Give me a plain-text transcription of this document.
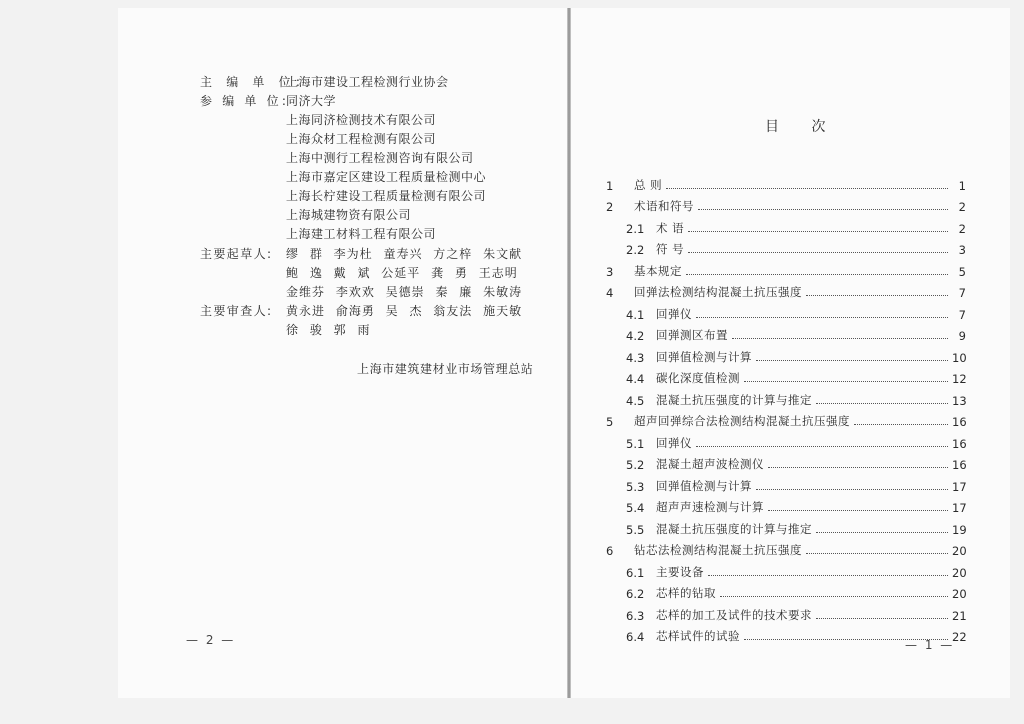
主 编 单 位:
上海市建设工程检测行业协会
参 编 单 位:
同济大学
上海同济检测技术有限公司
上海众材工程检测有限公司
上海中测行工程检测咨询有限公司
上海市嘉定区建设工程质量检测中心
上海长柠建设工程质量检测有限公司
上海城建物资有限公司
上海建工材料工程有限公司
主要起草人: 缪 群 李为杜 童寿兴 方之梓 朱文献
鲍 逸 戴 斌 公延平 龚 勇 王志明
金维芬 李欢欢 吴德崇 秦 廉 朱敏涛
主要审查人: 黄永进 俞海勇 吴 杰 翁友法 施天敏
徐 骏 郭 雨
上海市建筑建材业市场管理总站
— 2 —
目 次
1	总 则	1
2	术语和符号	2
2.1	术 语	2
2.2	符 号	3
3	基本规定	5
4	回弹法检测结构混凝土抗压强度	7
4.1	回弹仪	7
4.2	回弹测区布置	9
4.3	回弹值检测与计算	10
4.4	碳化深度值检测	12
4.5	混凝土抗压强度的计算与推定	13
5	超声回弹综合法检测结构混凝土抗压强度	16
5.1	回弹仪	16
5.2	混凝土超声波检测仪	16
5.3	回弹值检测与计算	17
5.4	超声声速检测与计算	17
5.5	混凝土抗压强度的计算与推定	19
6	钻芯法检测结构混凝土抗压强度	20
6.1	主要设备	20
6.2	芯样的钻取	20
6.3	芯样的加工及试件的技术要求	21
6.4	芯样试件的试验	22
— 1 —
